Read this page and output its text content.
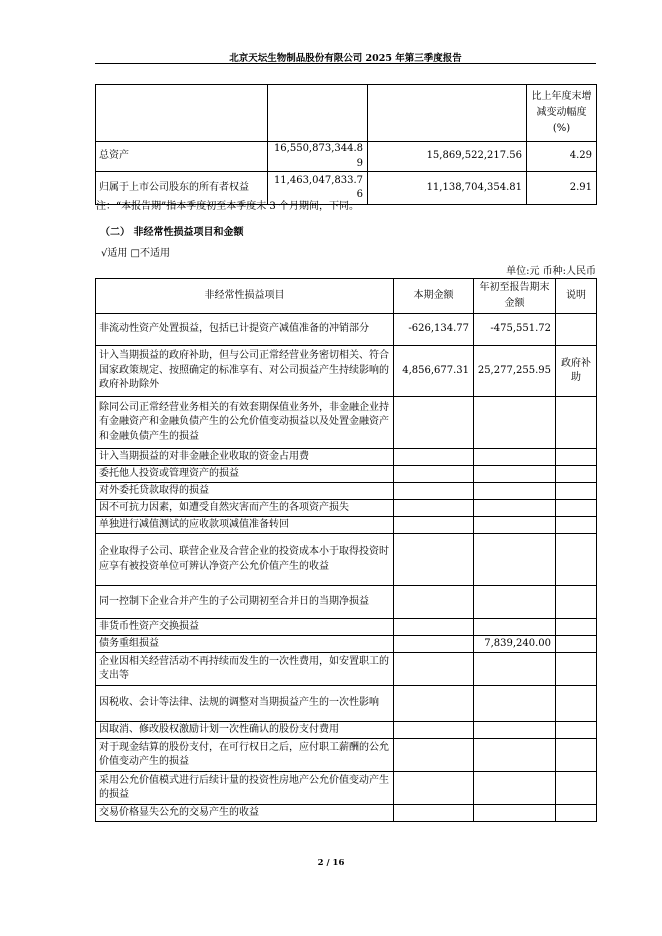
北京天坛生物制品股份有限公司 2025 年第三季度报告
			比上年度末增减变动幅度(%)
总资产	16,550,873,344.89	15,869,522,217.56	4.29
归属于上市公司股东的所有者权益	11,463,047,833.76	11,138,704,354.81	2.91
注：“本报告期”指本季度初至本季度末 3 个月期间，下同。
（二） 非经常性损益项目和金额
√适用 □不适用
单位:元 币种:人民币
非经常性损益项目	本期金额	年初至报告期末金额	说明
非流动性资产处置损益，包括已计提资产减值准备的冲销部分	-626,134.77	-475,551.72	
计入当期损益的政府补助，但与公司正常经营业务密切相关、符合国家政策规定、按照确定的标准享有、对公司损益产生持续影响的政府补助除外	4,856,677.31	25,277,255.95	政府补助
除同公司正常经营业务相关的有效套期保值业务外，非金融企业持有金融资产和金融负债产生的公允价值变动损益以及处置金融资产和金融负债产生的损益			
计入当期损益的对非金融企业收取的资金占用费			
委托他人投资或管理资产的损益			
对外委托贷款取得的损益			
因不可抗力因素，如遭受自然灾害而产生的各项资产损失			
单独进行减值测试的应收款项减值准备转回			
企业取得子公司、联营企业及合营企业的投资成本小于取得投资时应享有被投资单位可辨认净资产公允价值产生的收益			
同一控制下企业合并产生的子公司期初至合并日的当期净损益			
非货币性资产交换损益			
债务重组损益		7,839,240.00	
企业因相关经营活动不再持续而发生的一次性费用，如安置职工的支出等			
因税收、会计等法律、法规的调整对当期损益产生的一次性影响			
因取消、修改股权激励计划一次性确认的股份支付费用			
对于现金结算的股份支付，在可行权日之后，应付职工薪酬的公允价值变动产生的损益			
采用公允价值模式进行后续计量的投资性房地产公允价值变动产生的损益			
交易价格显失公允的交易产生的收益			
2 / 16
